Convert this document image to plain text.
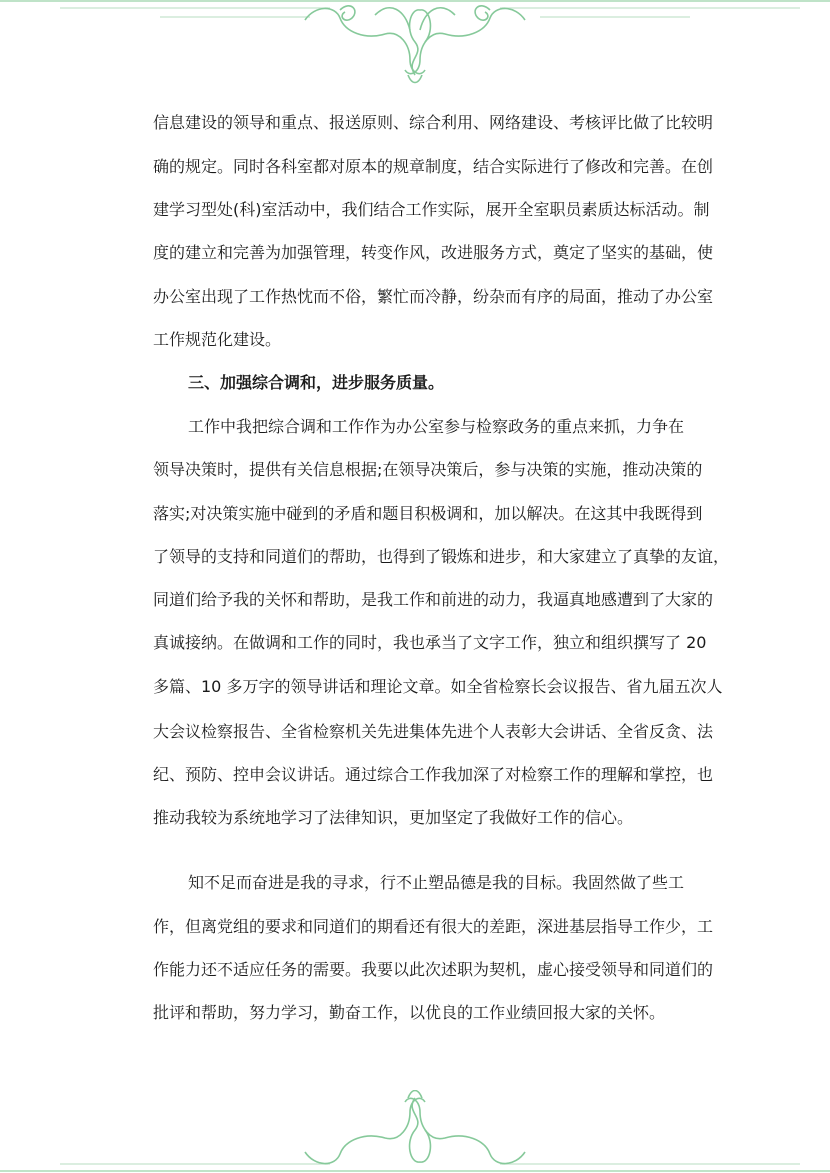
信息建设的领导和重点、报送原则、综合利用、网络建设、考核评比做了比较明
确的规定。同时各科室都对原本的规章制度，结合实际进行了修改和完善。在创
建学习型处(科)室活动中，我们结合工作实际，展开全室职员素质达标活动。制
度的建立和完善为加强管理，转变作风，改进服务方式，奠定了坚实的基础，使
办公室出现了工作热忱而不俗，繁忙而冷静，纷杂而有序的局面，推动了办公室
工作规范化建设。
三、加强综合调和，进步服务质量。
工作中我把综合调和工作作为办公室参与检察政务的重点来抓，力争在
领导决策时，提供有关信息根据;在领导决策后，参与决策的实施，推动决策的
落实;对决策实施中碰到的矛盾和题目积极调和，加以解决。在这其中我既得到
了领导的支持和同道们的帮助，也得到了锻炼和进步，和大家建立了真挚的友谊，
同道们给予我的关怀和帮助，是我工作和前进的动力，我逼真地感遭到了大家的
真诚接纳。在做调和工作的同时，我也承当了文字工作，独立和组织撰写了 20
多篇、10 多万字的领导讲话和理论文章。如全省检察长会议报告、省九届五次人
大会议检察报告、全省检察机关先进集体先进个人表彰大会讲话、全省反贪、法
纪、预防、控申会议讲话。通过综合工作我加深了对检察工作的理解和掌控，也
推动我较为系统地学习了法律知识，更加坚定了我做好工作的信心。
知不足而奋进是我的寻求，行不止塑品德是我的目标。我固然做了些工
作，但离党组的要求和同道们的期看还有很大的差距，深进基层指导工作少，工
作能力还不适应任务的需要。我要以此次述职为契机，虚心接受领导和同道们的
批评和帮助，努力学习，勤奋工作，以优良的工作业绩回报大家的关怀。
